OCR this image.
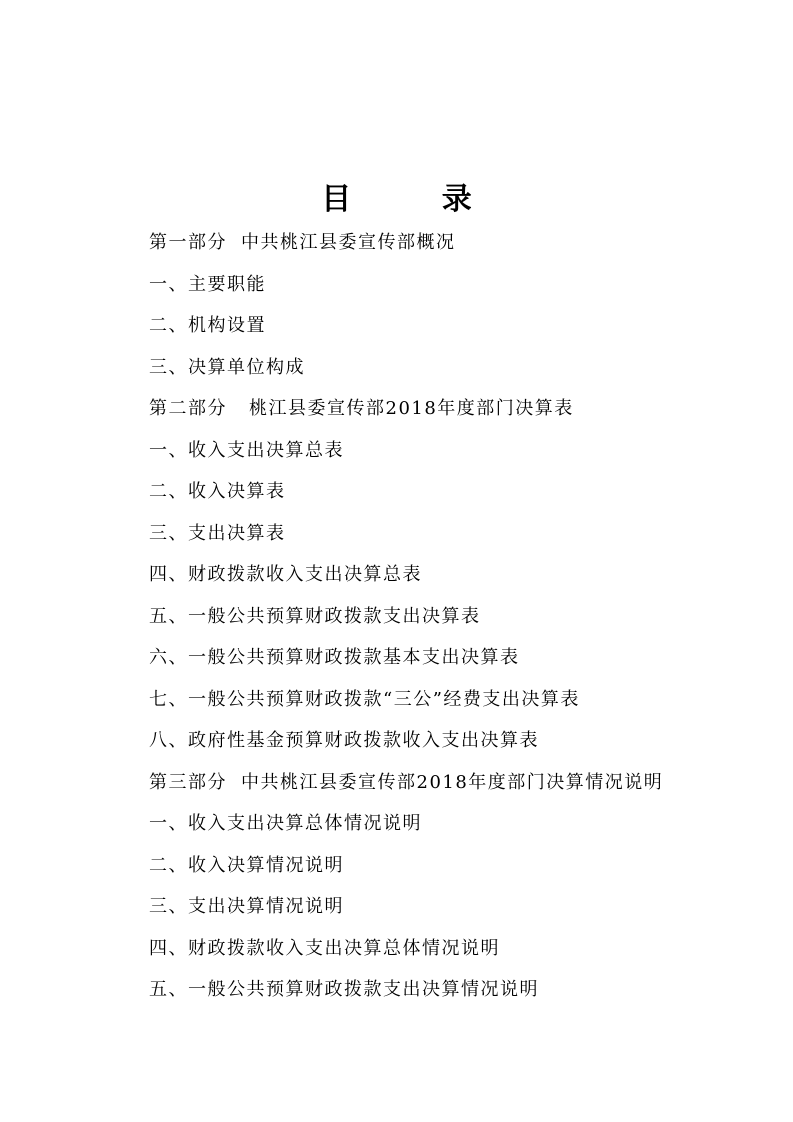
目 录
第一部分 中共桃江县委宣传部概况
一、主要职能
二、机构设置
三、决算单位构成
第二部分 桃江县委宣传部2018年度部门决算表
一、收入支出决算总表
二、收入决算表
三、支出决算表
四、财政拨款收入支出决算总表
五、一般公共预算财政拨款支出决算表
六、一般公共预算财政拨款基本支出决算表
七、一般公共预算财政拨款“三公”经费支出决算表
八、政府性基金预算财政拨款收入支出决算表
第三部分 中共桃江县委宣传部2018年度部门决算情况说明
一、收入支出决算总体情况说明
二、收入决算情况说明
三、支出决算情况说明
四、财政拨款收入支出决算总体情况说明
五、一般公共预算财政拨款支出决算情况说明
